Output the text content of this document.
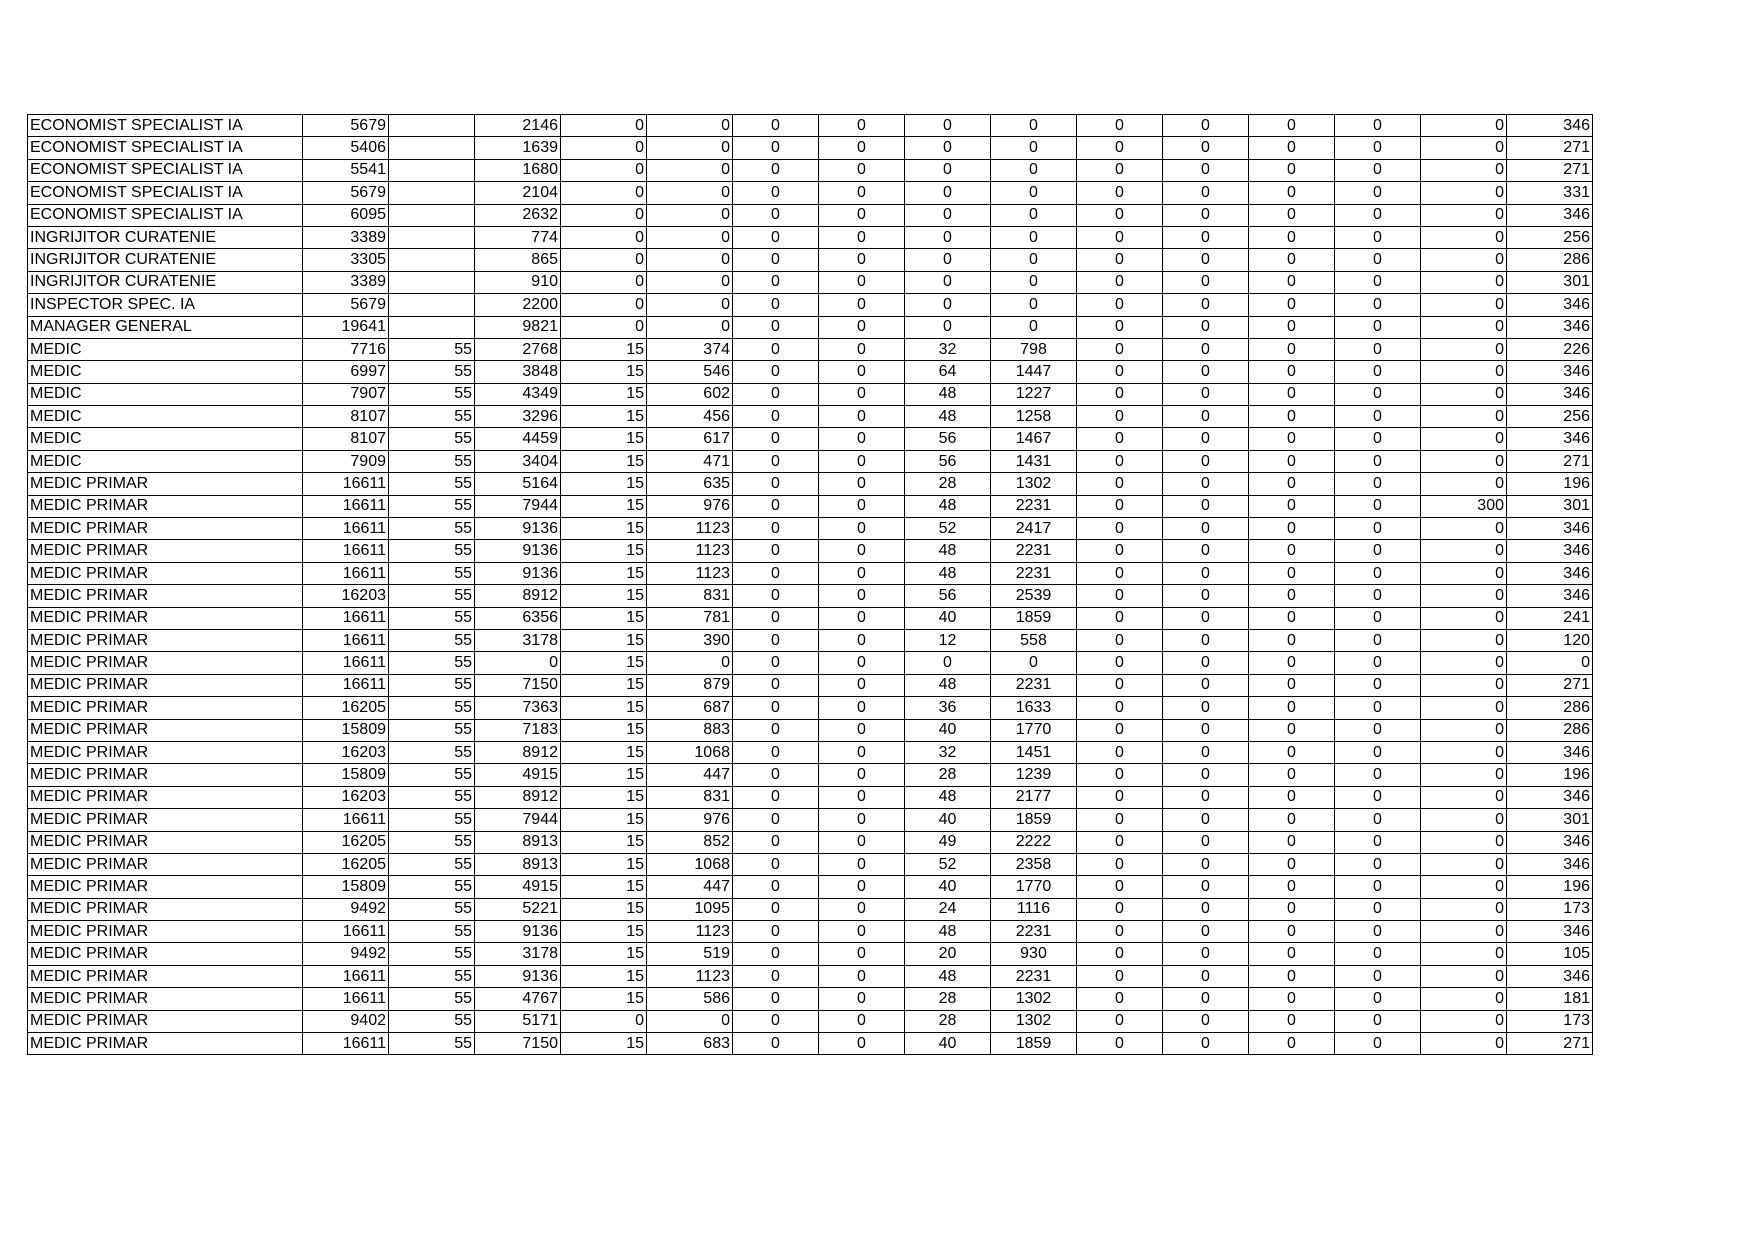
ECONOMIST SPECIALIST IA	5679		2146	0	0	0	0	0	0	0	0	0	0	0	346
ECONOMIST SPECIALIST IA	5406		1639	0	0	0	0	0	0	0	0	0	0	0	271
ECONOMIST SPECIALIST IA	5541		1680	0	0	0	0	0	0	0	0	0	0	0	271
ECONOMIST SPECIALIST IA	5679		2104	0	0	0	0	0	0	0	0	0	0	0	331
ECONOMIST SPECIALIST IA	6095		2632	0	0	0	0	0	0	0	0	0	0	0	346
INGRIJITOR CURATENIE	3389		774	0	0	0	0	0	0	0	0	0	0	0	256
INGRIJITOR CURATENIE	3305		865	0	0	0	0	0	0	0	0	0	0	0	286
INGRIJITOR CURATENIE	3389		910	0	0	0	0	0	0	0	0	0	0	0	301
INSPECTOR SPEC. IA	5679		2200	0	0	0	0	0	0	0	0	0	0	0	346
MANAGER GENERAL	19641		9821	0	0	0	0	0	0	0	0	0	0	0	346
MEDIC	7716	55	2768	15	374	0	0	32	798	0	0	0	0	0	226
MEDIC	6997	55	3848	15	546	0	0	64	1447	0	0	0	0	0	346
MEDIC	7907	55	4349	15	602	0	0	48	1227	0	0	0	0	0	346
MEDIC	8107	55	3296	15	456	0	0	48	1258	0	0	0	0	0	256
MEDIC	8107	55	4459	15	617	0	0	56	1467	0	0	0	0	0	346
MEDIC	7909	55	3404	15	471	0	0	56	1431	0	0	0	0	0	271
MEDIC PRIMAR	16611	55	5164	15	635	0	0	28	1302	0	0	0	0	0	196
MEDIC PRIMAR	16611	55	7944	15	976	0	0	48	2231	0	0	0	0	300	301
MEDIC PRIMAR	16611	55	9136	15	1123	0	0	52	2417	0	0	0	0	0	346
MEDIC PRIMAR	16611	55	9136	15	1123	0	0	48	2231	0	0	0	0	0	346
MEDIC PRIMAR	16611	55	9136	15	1123	0	0	48	2231	0	0	0	0	0	346
MEDIC PRIMAR	16203	55	8912	15	831	0	0	56	2539	0	0	0	0	0	346
MEDIC PRIMAR	16611	55	6356	15	781	0	0	40	1859	0	0	0	0	0	241
MEDIC PRIMAR	16611	55	3178	15	390	0	0	12	558	0	0	0	0	0	120
MEDIC PRIMAR	16611	55	0	15	0	0	0	0	0	0	0	0	0	0	0
MEDIC PRIMAR	16611	55	7150	15	879	0	0	48	2231	0	0	0	0	0	271
MEDIC PRIMAR	16205	55	7363	15	687	0	0	36	1633	0	0	0	0	0	286
MEDIC PRIMAR	15809	55	7183	15	883	0	0	40	1770	0	0	0	0	0	286
MEDIC PRIMAR	16203	55	8912	15	1068	0	0	32	1451	0	0	0	0	0	346
MEDIC PRIMAR	15809	55	4915	15	447	0	0	28	1239	0	0	0	0	0	196
MEDIC PRIMAR	16203	55	8912	15	831	0	0	48	2177	0	0	0	0	0	346
MEDIC PRIMAR	16611	55	7944	15	976	0	0	40	1859	0	0	0	0	0	301
MEDIC PRIMAR	16205	55	8913	15	852	0	0	49	2222	0	0	0	0	0	346
MEDIC PRIMAR	16205	55	8913	15	1068	0	0	52	2358	0	0	0	0	0	346
MEDIC PRIMAR	15809	55	4915	15	447	0	0	40	1770	0	0	0	0	0	196
MEDIC PRIMAR	9492	55	5221	15	1095	0	0	24	1116	0	0	0	0	0	173
MEDIC PRIMAR	16611	55	9136	15	1123	0	0	48	2231	0	0	0	0	0	346
MEDIC PRIMAR	9492	55	3178	15	519	0	0	20	930	0	0	0	0	0	105
MEDIC PRIMAR	16611	55	9136	15	1123	0	0	48	2231	0	0	0	0	0	346
MEDIC PRIMAR	16611	55	4767	15	586	0	0	28	1302	0	0	0	0	0	181
MEDIC PRIMAR	9402	55	5171	0	0	0	0	28	1302	0	0	0	0	0	173
MEDIC PRIMAR	16611	55	7150	15	683	0	0	40	1859	0	0	0	0	0	271
